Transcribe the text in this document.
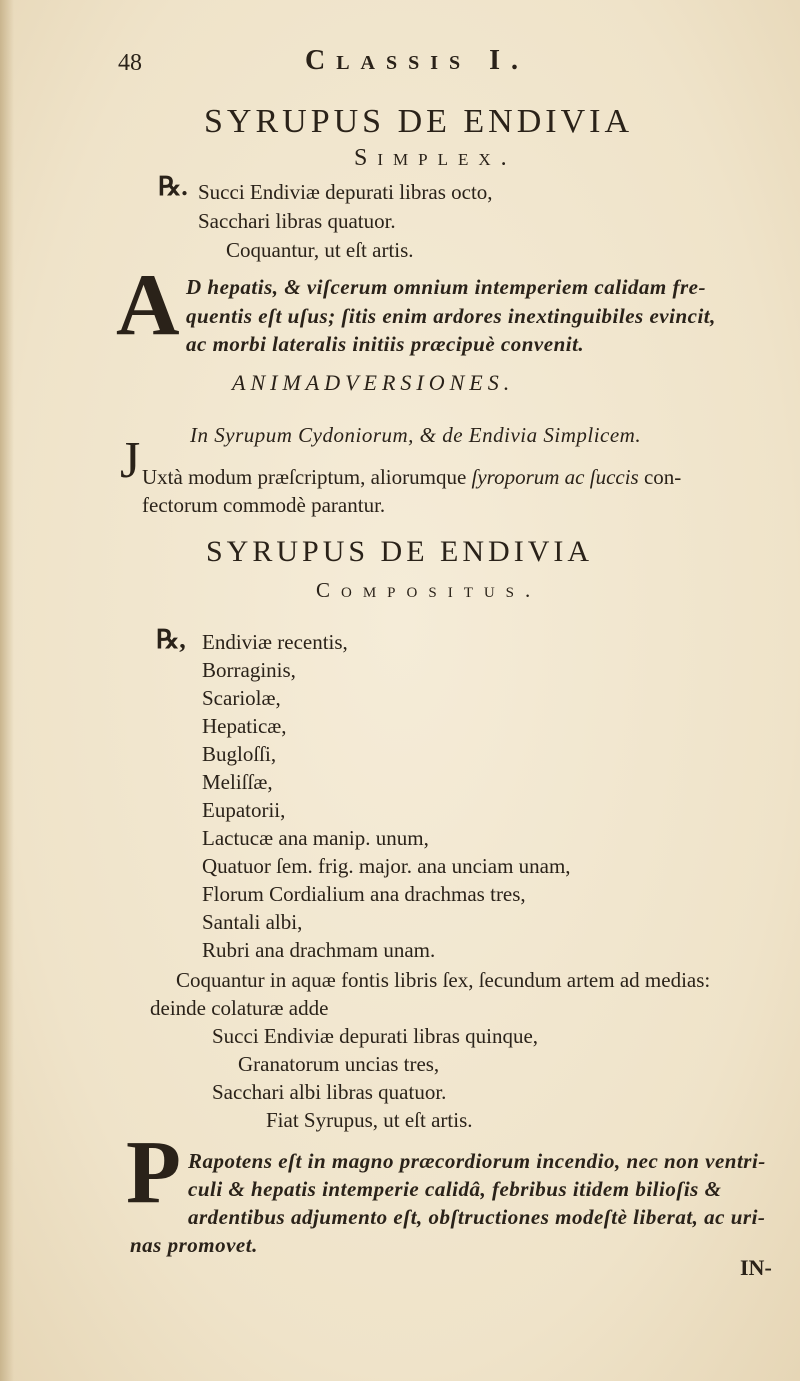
48	Classis I.
SYRUPUS DE ENDIVIA
Simplex.
℞. Succi Endiviæ depurati libras octo,
Sacchari libras quatuor.
Coquantur, ut eſt artis.
A D hepatis, & viſcerum omnium intemperiem calidam fre-
quentis eſt uſus; ſitis enim ardores inextinguibiles evincit,
ac morbi lateralis initiis præcipuè convenit.
ANIMADVERSIONES.
In Syrupum Cydoniorum, & de Endivia Simplicem.
J Uxtà modum præſcriptum, aliorumque ſyroporum ac ſuccis con-
fectorum commodè parantur.
SYRUPUS DE ENDIVIA
Compositus.
℞, Endiviæ recentis,
Borraginis,
Scariolæ,
Hepaticæ,
Bugloſſi,
Meliſſæ,
Eupatorii,
Lactucæ ana manip. unum,
Quatuor ſem. frig. major. ana unciam unam,
Florum Cordialium ana drachmas tres,
Santali albi,
Rubri ana drachmam unam.
Coquantur in aquæ fontis libris ſex, ſecundum artem ad medias:
deinde colaturæ adde
Succi Endiviæ depurati libras quinque,
Granatorum uncias tres,
Sacchari albi libras quatuor.
Fiat Syrupus, ut eſt artis.
P Rapotens eſt in magno præcordiorum incendio, nec non ventri-
culi & hepatis intemperie calidâ, febribus itidem bilioſis &
ardentibus adjumento eſt, obſtructiones modeſtè liberat, ac uri-
nas promovet.
IN-
